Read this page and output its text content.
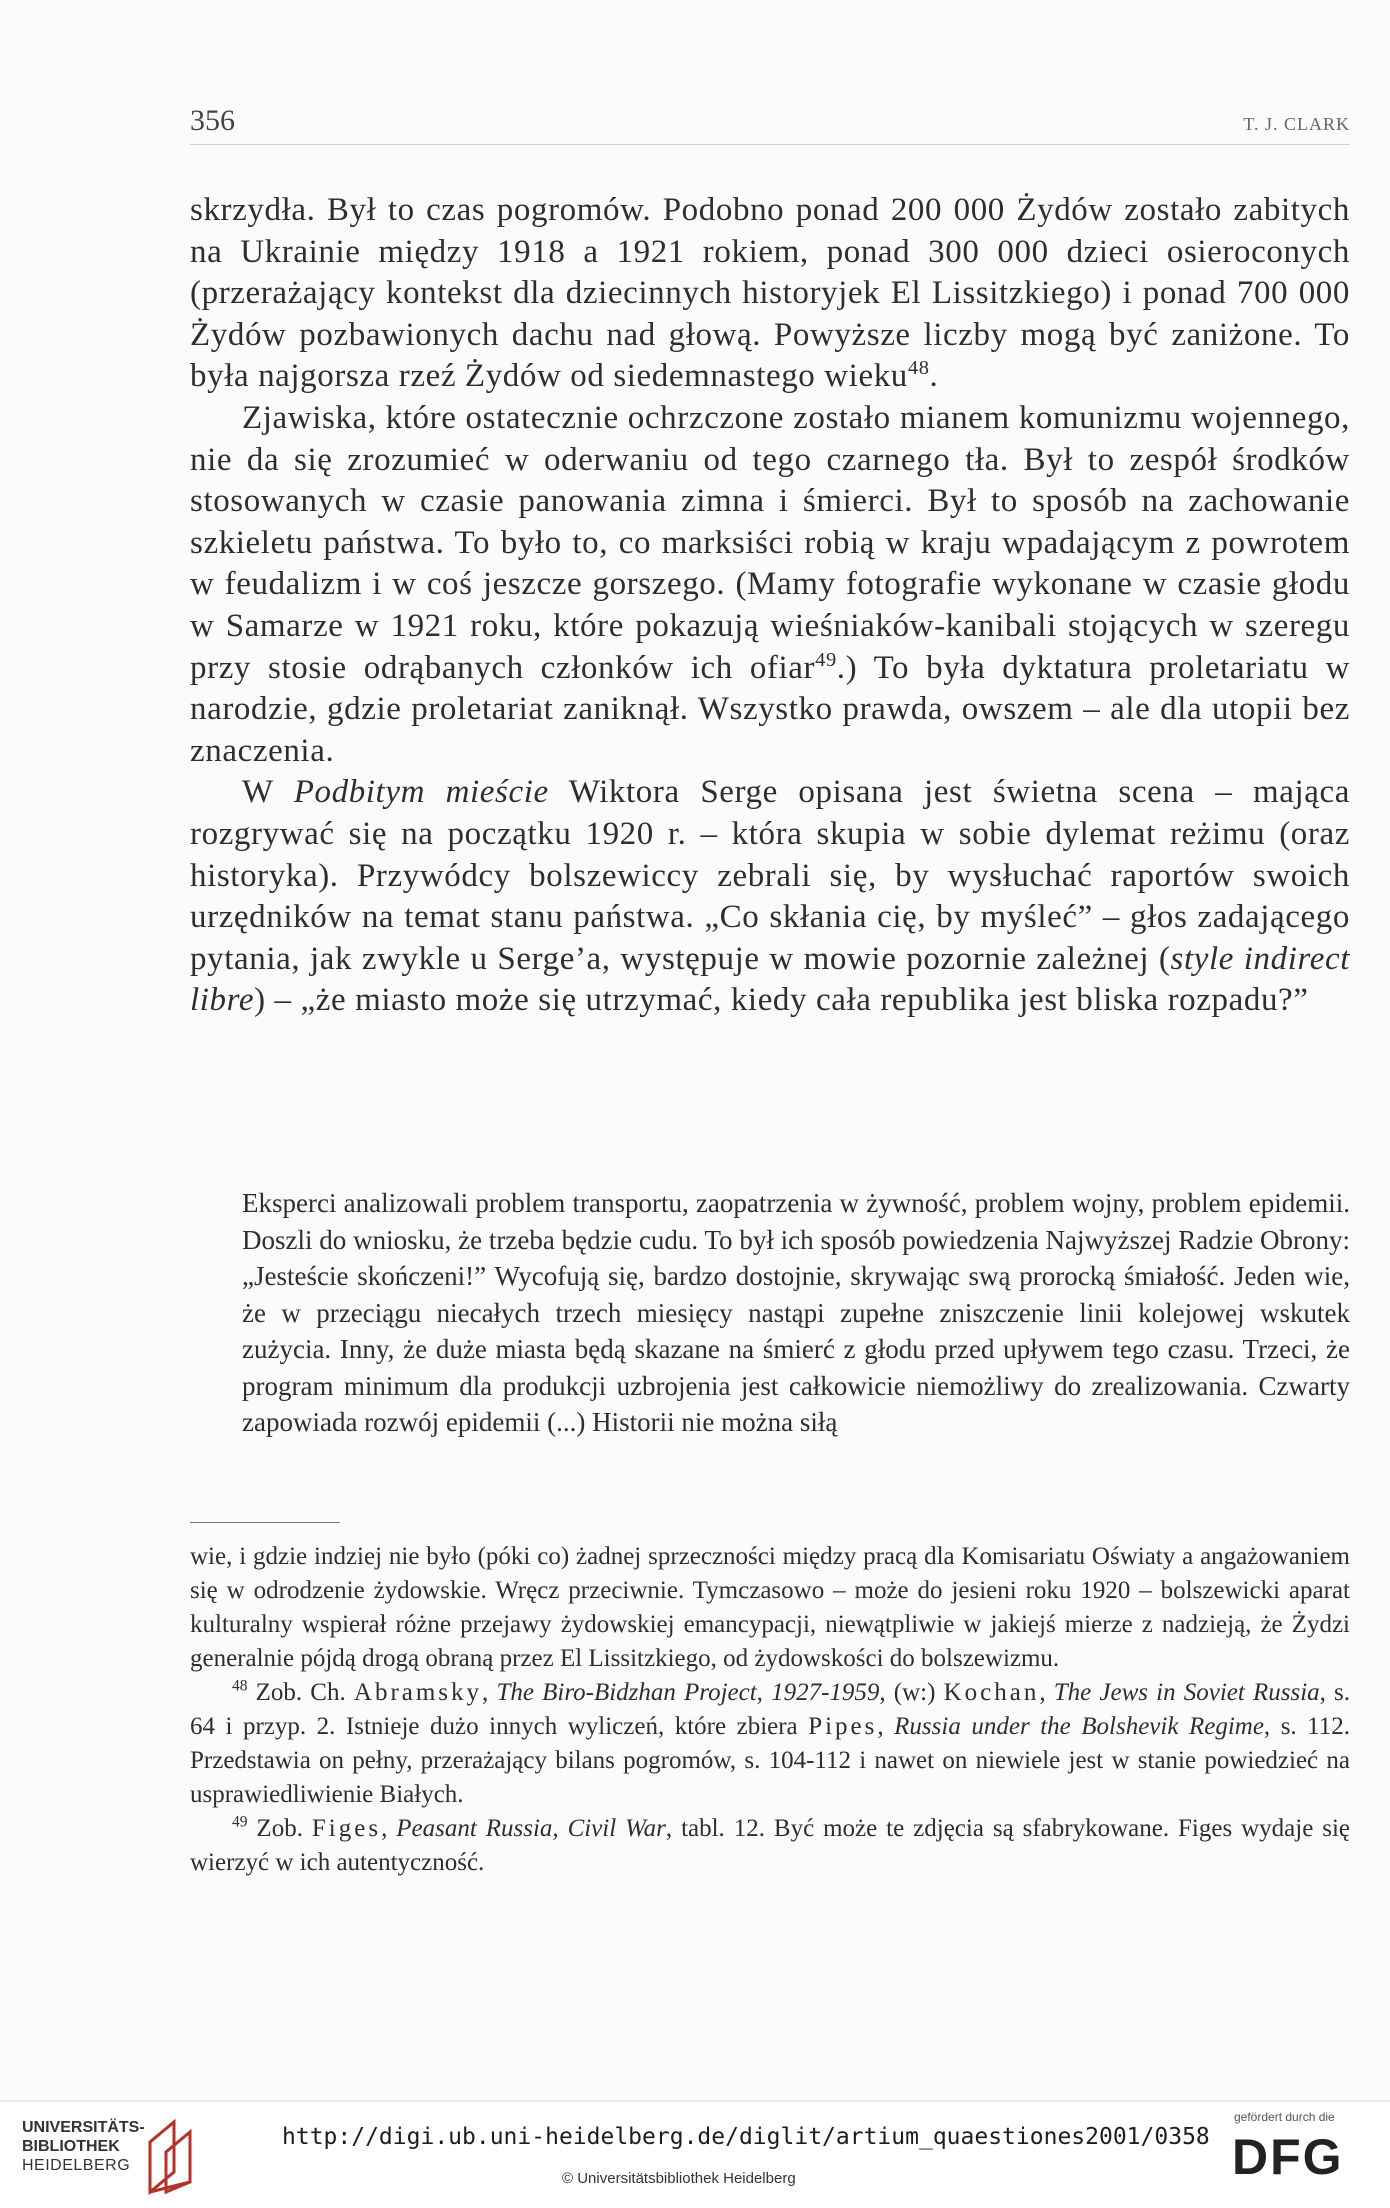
356	T. J. CLARK

skrzydła. Był to czas pogromów. Podobno ponad 200 000 Żydów zostało zabitych na Ukrainie między 1918 a 1921 rokiem, ponad 300 000 dzieci osieroconych (przerażający kontekst dla dziecinnych historyjek El Lissitzkiego) i ponad 700 000 Żydów pozbawionych dachu nad głową. Powyższe liczby mogą być zaniżone. To była najgorsza rzeź Żydów od siedemnastego wieku$^{48}$.

Zjawiska, które ostatecznie ochrzczone zostało mianem komunizmu wojennego, nie da się zrozumieć w oderwaniu od tego czarnego tła. Był to zespół środków stosowanych w czasie panowania zimna i śmierci. Był to sposób na zachowanie szkieletu państwa. To było to, co marksiści robią w kraju wpadającym z powrotem w feudalizm i w coś jeszcze gorszego. (Mamy fotografie wykonane w czasie głodu w Samarze w 1921 roku, które pokazują wieśniaków-kanibali stojących w szeregu przy stosie odrąbanych członków ich ofiar$^{49}$.) To była dyktatura proletariatu w narodzie, gdzie proletariat zaniknął. Wszystko prawda, owszem – ale dla utopii bez znaczenia.

W Podbitym mieście Wiktora Serge opisana jest świetna scena – mająca rozgrywać się na początku 1920 r. – która skupia w sobie dylemat reżimu (oraz historyka). Przywódcy bolszewiccy zebrali się, by wysłuchać raportów swoich urzędników na temat stanu państwa. „Co skłania cię, by myśleć” – głos zadającego pytania, jak zwykle u Serge’a, występuje w mowie pozornie zależnej (style indirect libre) – „że miasto może się utrzymać, kiedy cała republika jest bliska rozpadu?”

Eksperci analizowali problem transportu, zaopatrzenia w żywność, problem wojny, problem epidemii. Doszli do wniosku, że trzeba będzie cudu. To był ich sposób powiedzenia Najwyższej Radzie Obrony: „Jesteście skończeni!” Wycofują się, bardzo dostojnie, skrywając swą prorocką śmiałość. Jeden wie, że w przeciągu niecałych trzech miesięcy nastąpi zupełne zniszczenie linii kolejowej wskutek zużycia. Inny, że duże miasta będą skazane na śmierć z głodu przed upływem tego czasu. Trzeci, że program minimum dla produkcji uzbrojenia jest całkowicie niemożliwy do zrealizowania. Czwarty zapowiada rozwój epidemii (...) Historii nie można siłą

wie, i gdzie indziej nie było (póki co) żadnej sprzeczności między pracą dla Komisariatu Oświaty a angażowaniem się w odrodzenie żydowskie. Wręcz przeciwnie. Tymczasowo – może do jesieni roku 1920 – bolszewicki aparat kulturalny wspierał różne przejawy żydowskiej emancypacji, niewątpliwie w jakiejś mierze z nadzieją, że Żydzi generalnie pójdą drogą obraną przez El Lissitzkiego, od żydowskości do bolszewizmu.

$^{48}$ Zob. Ch. Abramsky, The Biro-Bidzhan Project, 1927-1959, (w:) Kochan, The Jews in Soviet Russia, s. 64 i przyp. 2. Istnieje dużo innych wyliczeń, które zbiera Pipes, Russia under the Bolshevik Regime, s. 112. Przedstawia on pełny, przerażający bilans pogromów, s. 104-112 i nawet on niewiele jest w stanie powiedzieć na usprawiedliwienie Białych.

$^{49}$ Zob. Figes, Peasant Russia, Civil War, tabl. 12. Być może te zdjęcia są sfabrykowane. Figes wydaje się wierzyć w ich autentyczność.

UNIVERSITÄTS-
BIBLIOTHEK
HEIDELBERG
http://digi.ub.uni-heidelberg.de/diglit/artium_quaestiones2001/0358
© Universitätsbibliothek Heidelberg
gefördert durch die
DFG
